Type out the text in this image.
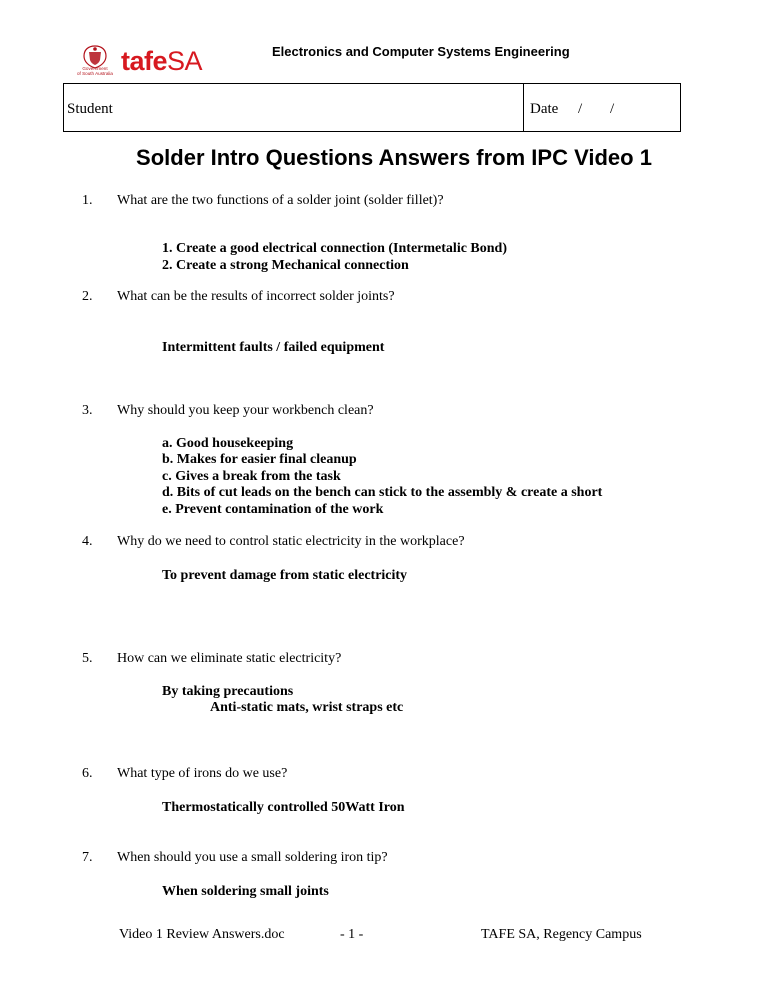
Government
of South Australia tafeSA	Electronics and Computer Systems Engineering
Student	Date / /
Solder Intro Questions Answers from IPC Video 1
1. What are the two functions of a solder joint (solder fillet)?
1. Create a good electrical connection (Intermetalic Bond)
2. Create a strong Mechanical connection
2. What can be the results of incorrect solder joints?
Intermittent faults / failed equipment
3. Why should you keep your workbench clean?
a. Good housekeeping
b. Makes for easier final cleanup
c. Gives a break from the task
d. Bits of cut leads on the bench can stick to the assembly & create a short
e. Prevent contamination of the work
4. Why do we need to control static electricity in the workplace?
To prevent damage from static electricity
5. How can we eliminate static electricity?
By taking precautions
Anti-static mats, wrist straps etc
6. What type of irons do we use?
Thermostatically controlled 50Watt Iron
7. When should you use a small soldering iron tip?
When soldering small joints
Video 1 Review Answers.doc	- 1 -	TAFE SA, Regency Campus
